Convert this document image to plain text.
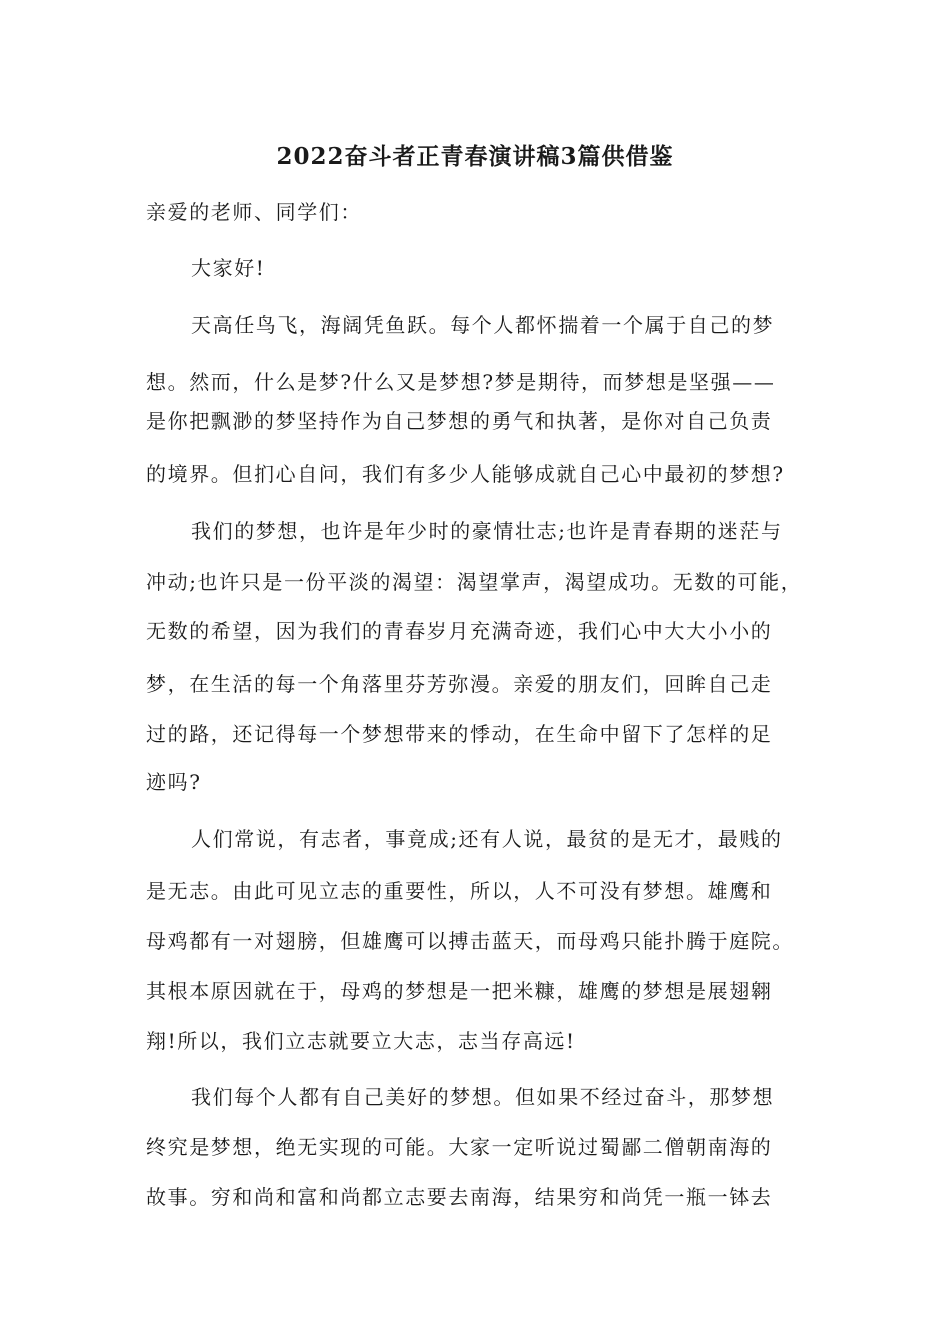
2022奋斗者正青春演讲稿3篇供借鉴
亲爱的老师、同学们：
大家好!
天高任鸟飞，海阔凭鱼跃。每个人都怀揣着一个属于自己的梦
想。然而，什么是梦?什么又是梦想?梦是期待，而梦想是坚强——
是你把飘渺的梦坚持作为自己梦想的勇气和执著，是你对自己负责
的境界。但扪心自问，我们有多少人能够成就自己心中最初的梦想?
我们的梦想，也许是年少时的豪情壮志;也许是青春期的迷茫与
冲动;也许只是一份平淡的渴望：渴望掌声，渴望成功。无数的可能，
无数的希望，因为我们的青春岁月充满奇迹，我们心中大大小小的
梦，在生活的每一个角落里芬芳弥漫。亲爱的朋友们，回眸自己走
过的路，还记得每一个梦想带来的悸动，在生命中留下了怎样的足
迹吗?
人们常说，有志者，事竟成;还有人说，最贫的是无才，最贱的
是无志。由此可见立志的重要性，所以，人不可没有梦想。雄鹰和
母鸡都有一对翅膀，但雄鹰可以搏击蓝天，而母鸡只能扑腾于庭院。
其根本原因就在于，母鸡的梦想是一把米糠，雄鹰的梦想是展翅翱
翔!所以，我们立志就要立大志，志当存高远!
我们每个人都有自己美好的梦想。但如果不经过奋斗，那梦想
终究是梦想，绝无实现的可能。大家一定听说过蜀鄙二僧朝南海的
故事。穷和尚和富和尚都立志要去南海，结果穷和尚凭一瓶一钵去
